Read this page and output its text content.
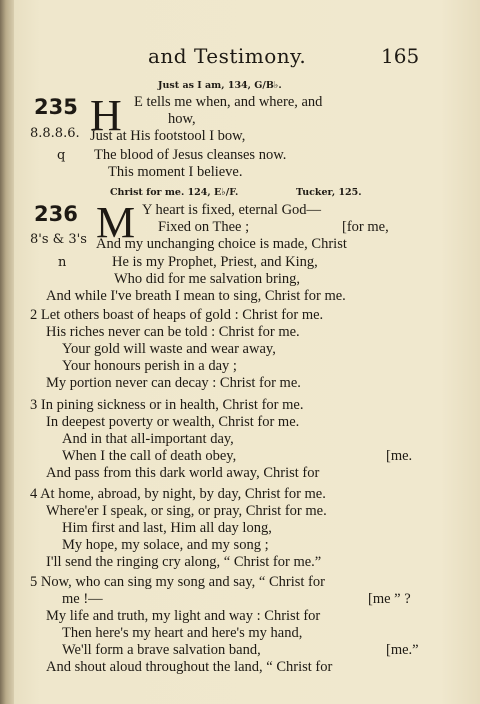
and Testimony.	165
Just as I am, 134, G/B♭.
235
8.8.8.6.
q
H E tells me when, and where, and
how,
Just at His footstool I bow,
The blood of Jesus cleanses now.
This moment I believe.
Christ for me. 124, E♭/F.	Tucker, 125.
236
8's & 3's
n
M Y heart is fixed, eternal God—
Fixed on Thee ;	[for me,
And my unchanging choice is made, Christ
He is my Prophet, Priest, and King,
Who did for me salvation bring,
And while I've breath I mean to sing, Christ for me.
2 Let others boast of heaps of gold : Christ for me.
His riches never can be told : Christ for me.
Your gold will waste and wear away,
Your honours perish in a day ;
My portion never can decay : Christ for me.
3 In pining sickness or in health, Christ for me.
In deepest poverty or wealth, Christ for me.
And in that all-important day,
When I the call of death obey,	[me.
And pass from this dark world away, Christ for
4 At home, abroad, by night, by day, Christ for me.
Where'er I speak, or sing, or pray, Christ for me.
Him first and last, Him all day long,
My hope, my solace, and my song ;
I'll send the ringing cry along, “ Christ for me.”
5 Now, who can sing my song and say, “ Christ for
me !—	[me ” ?
My life and truth, my light and way : Christ for
Then here's my heart and here's my hand,
We'll form a brave salvation band,	[me.”
And shout aloud throughout the land, “ Christ for
